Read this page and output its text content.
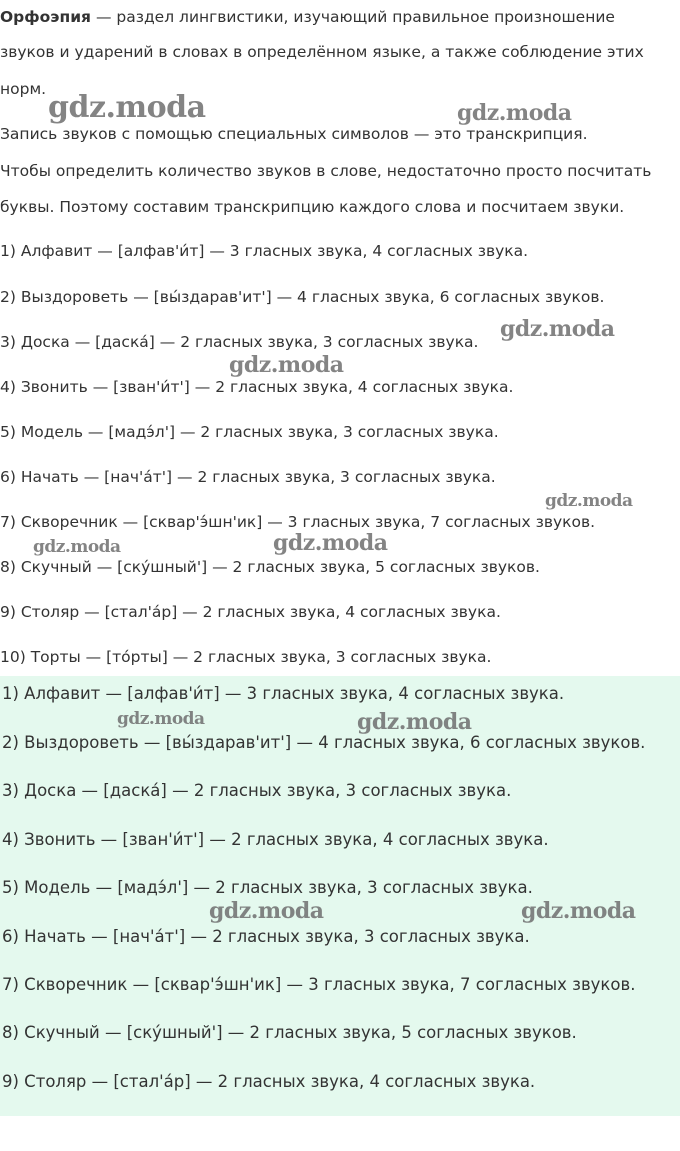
Орфоэпия — раздел лингвистики, изучающий правильное произношение
звуков и ударений в словах в определённом языке, а также соблюдение этих
норм.
Запись звуков с помощью специальных символов — это транскрипция.
Чтобы определить количество звуков в слове, недостаточно просто посчитать
буквы. Поэтому составим транскрипцию каждого слова и посчитаем звуки.
1) Алфавит — [алфав'и́т] — 3 гласных звука, 4 согласных звука.
2) Выздороветь — [вы́здарав'ит'] — 4 гласных звука, 6 согласных звуков.
3) Доска — [даска́] — 2 гласных звука, 3 согласных звука.
4) Звонить — [зван'и́т'] — 2 гласных звука, 4 согласных звука.
5) Модель — [мадэ́л'] — 2 гласных звука, 3 согласных звука.
6) Начать — [нач'а́т'] — 2 гласных звука, 3 согласных звука.
7) Скворечник — [сквар'э́шн'ик] — 3 гласных звука, 7 согласных звуков.
8) Скучный — [ску́шный'] — 2 гласных звука, 5 согласных звуков.
9) Столяр — [стал'а́р] — 2 гласных звука, 4 согласных звука.
10) Торты — [то́рты] — 2 гласных звука, 3 согласных звука.
1) Алфавит — [алфав'и́т] — 3 гласных звука, 4 согласных звука.
2) Выздороветь — [вы́здарав'ит'] — 4 гласных звука, 6 согласных звуков.
3) Доска — [даска́] — 2 гласных звука, 3 согласных звука.
4) Звонить — [зван'и́т'] — 2 гласных звука, 4 согласных звука.
5) Модель — [мадэ́л'] — 2 гласных звука, 3 согласных звука.
6) Начать — [нач'а́т'] — 2 гласных звука, 3 согласных звука.
7) Скворечник — [сквар'э́шн'ик] — 3 гласных звука, 7 согласных звуков.
8) Скучный — [ску́шный'] — 2 гласных звука, 5 согласных звуков.
9) Столяр — [стал'а́р] — 2 гласных звука, 4 согласных звука.
gdz.moda	gdz.moda
gdz.moda
gdz.moda
gdz.moda
gdz.moda	gdz.moda
gdz.moda	gdz.moda
gdz.moda	gdz.moda
